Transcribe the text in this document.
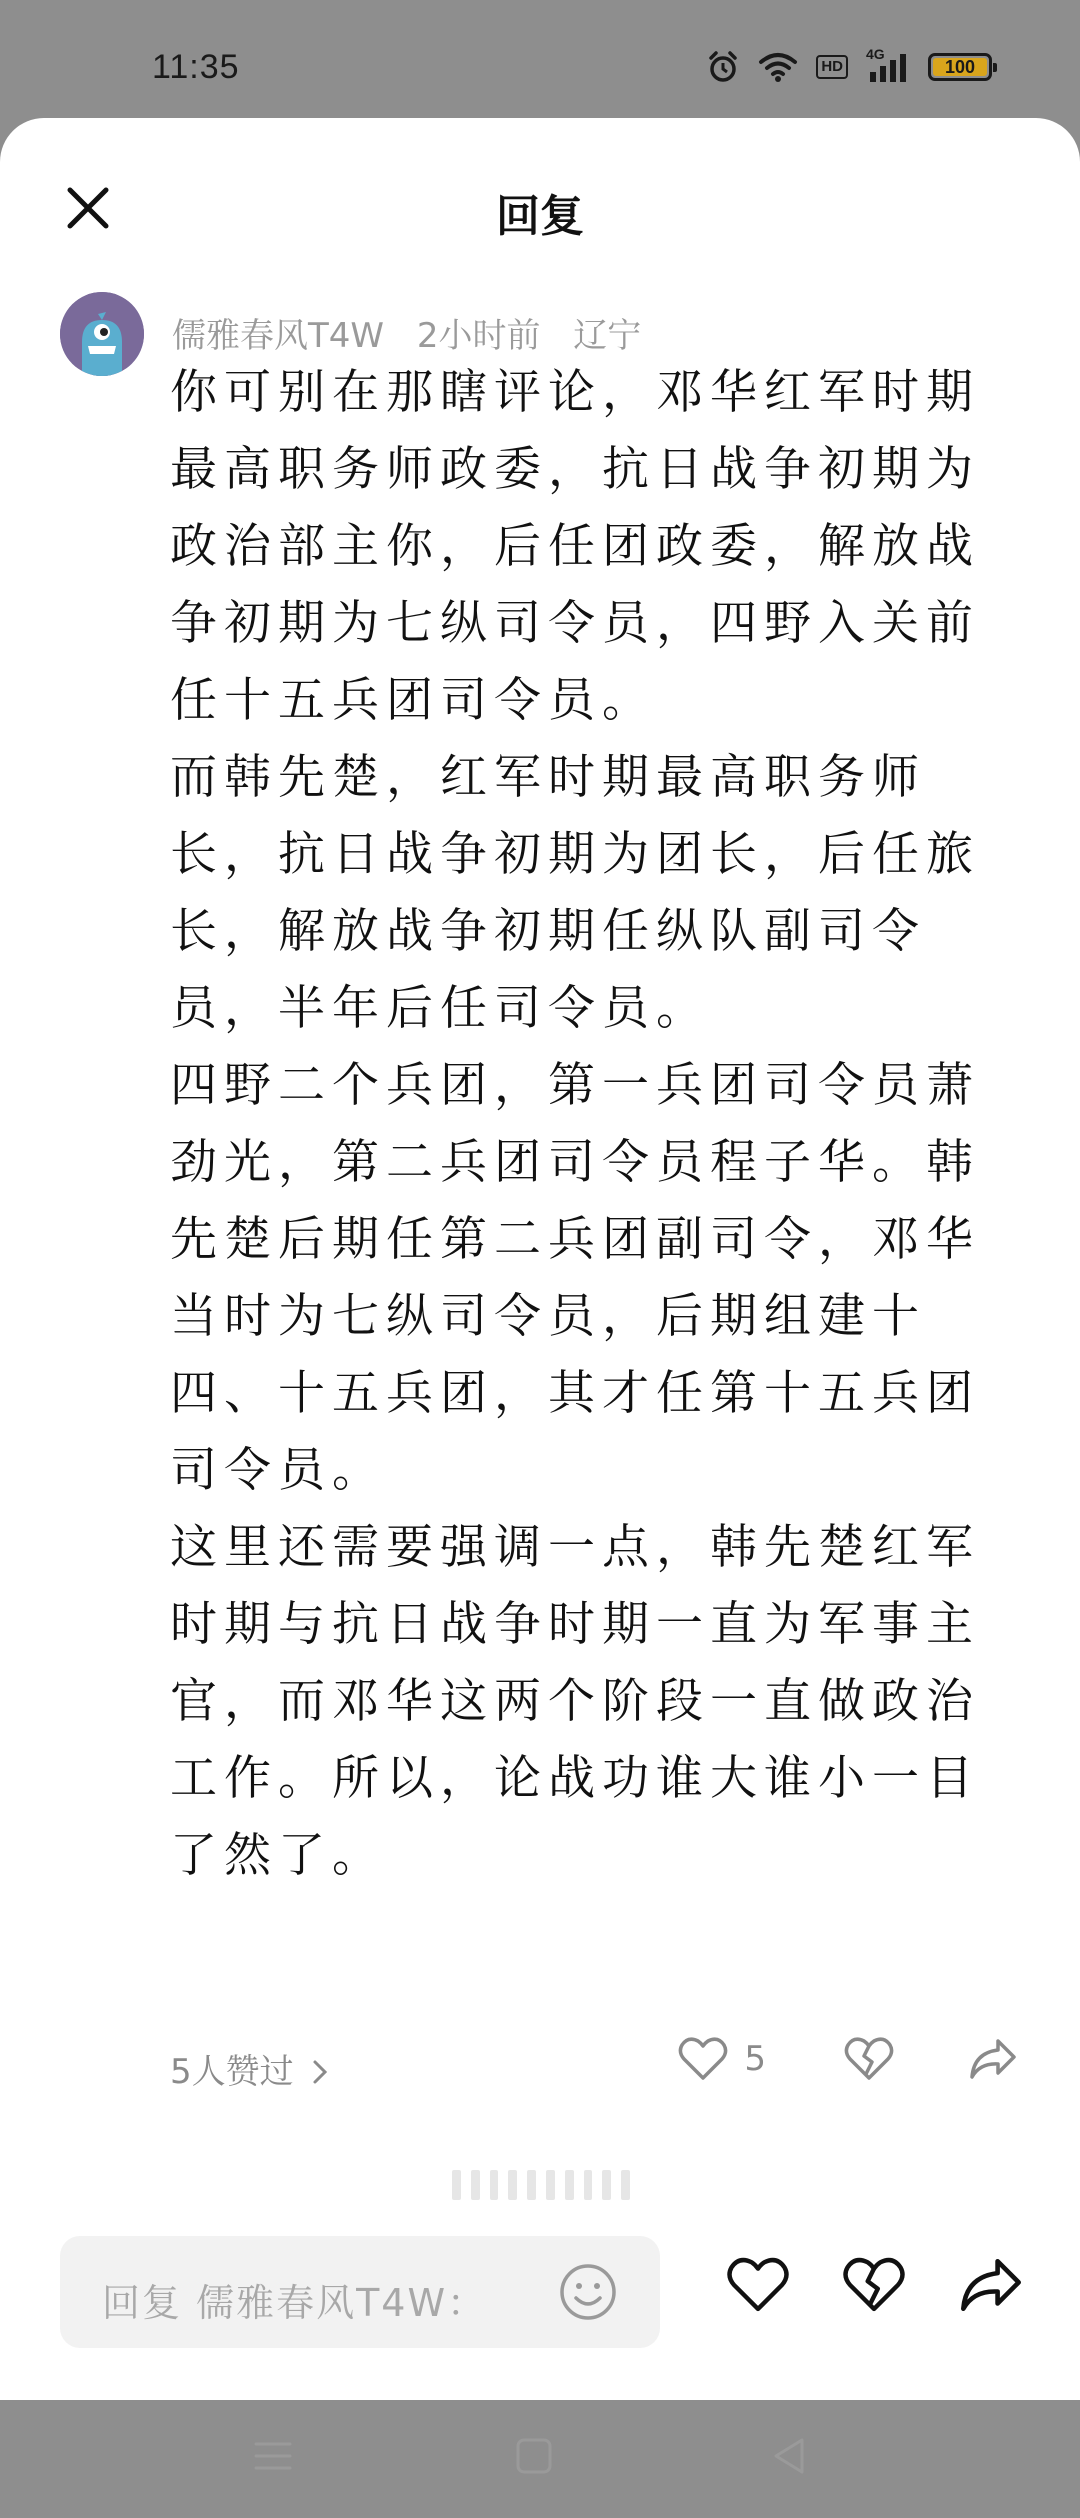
11:35	HD
4G
100
回复
儒雅春风T4W 2小时前 辽宁

你可别在那瞎评论，邓华红军时期最高职务师政委，抗日战争初期为政治部主你，后任团政委，解放战争初期为七纵司令员，四野入关前任十五兵团司令员。

而韩先楚，红军时期最高职务师长，抗日战争初期为团长，后任旅长，解放战争初期任纵队副司令员，半年后任司令员。

四野二个兵团，第一兵团司令员萧劲光，第二兵团司令员程子华。韩先楚后期任第二兵团副司令，邓华当时为七纵司令员，后期组建十四、十五兵团，其才任第十五兵团司令员。

这里还需要强调一点，韩先楚红军时期与抗日战争时期一直为军事主官，而邓华这两个阶段一直做政治工作。所以，论战功谁大谁小一目了然了。

5人赞过	5
回复 儒雅春风T4W：
